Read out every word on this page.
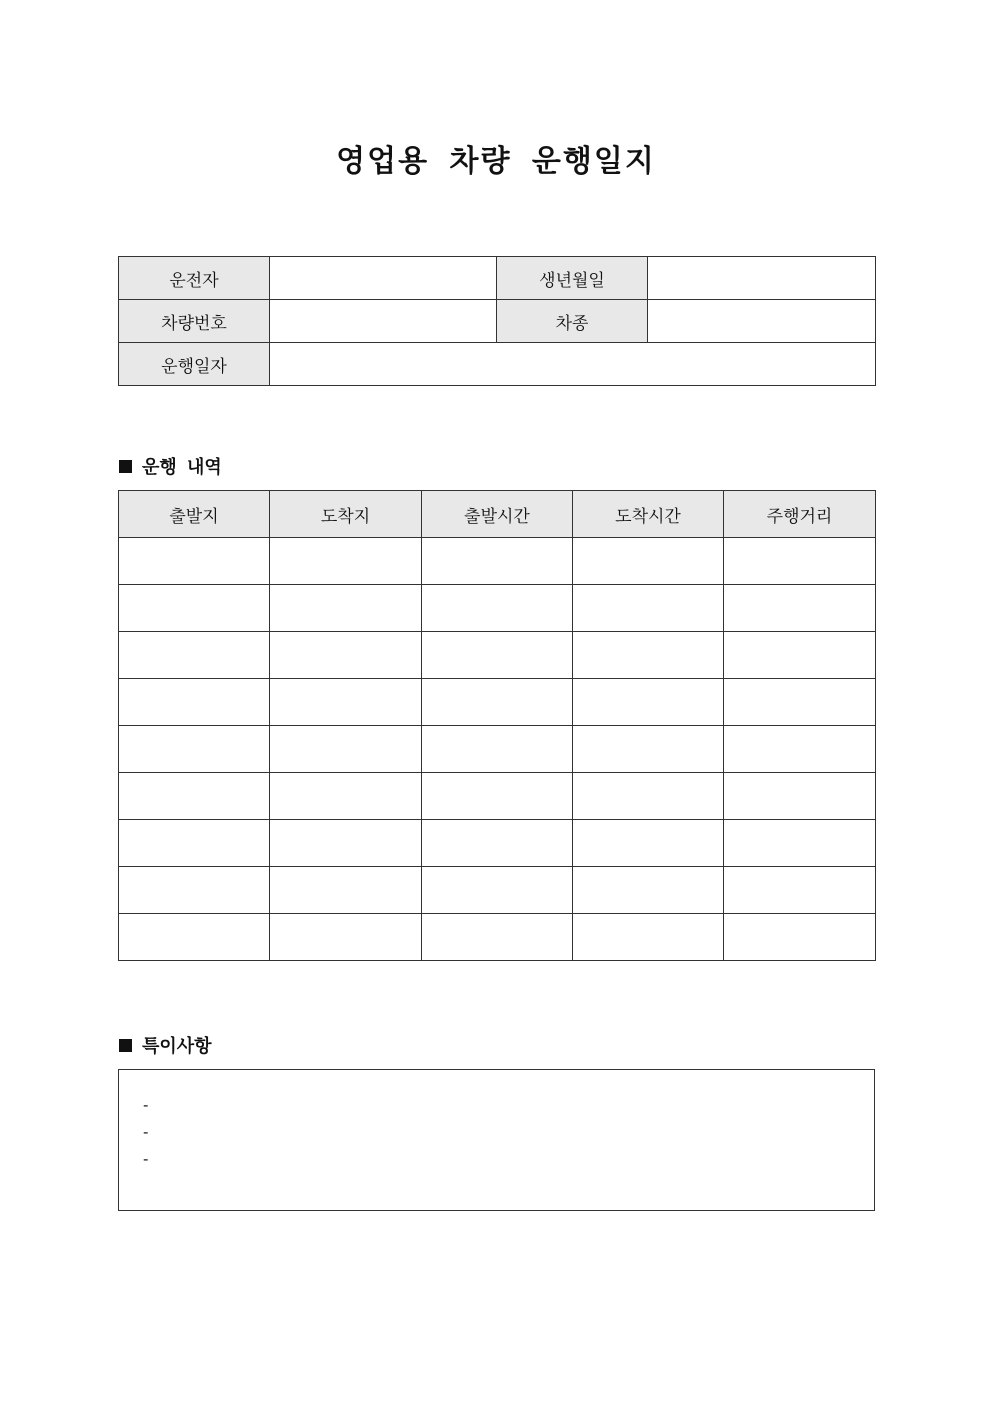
영업용 차량 운행일지
운전자		생년월일	
차량번호		차종	
운행일자			
운행 내역
출발지	도착지	출발시간	도착시간	주행거리

특이사항
-
-
-
